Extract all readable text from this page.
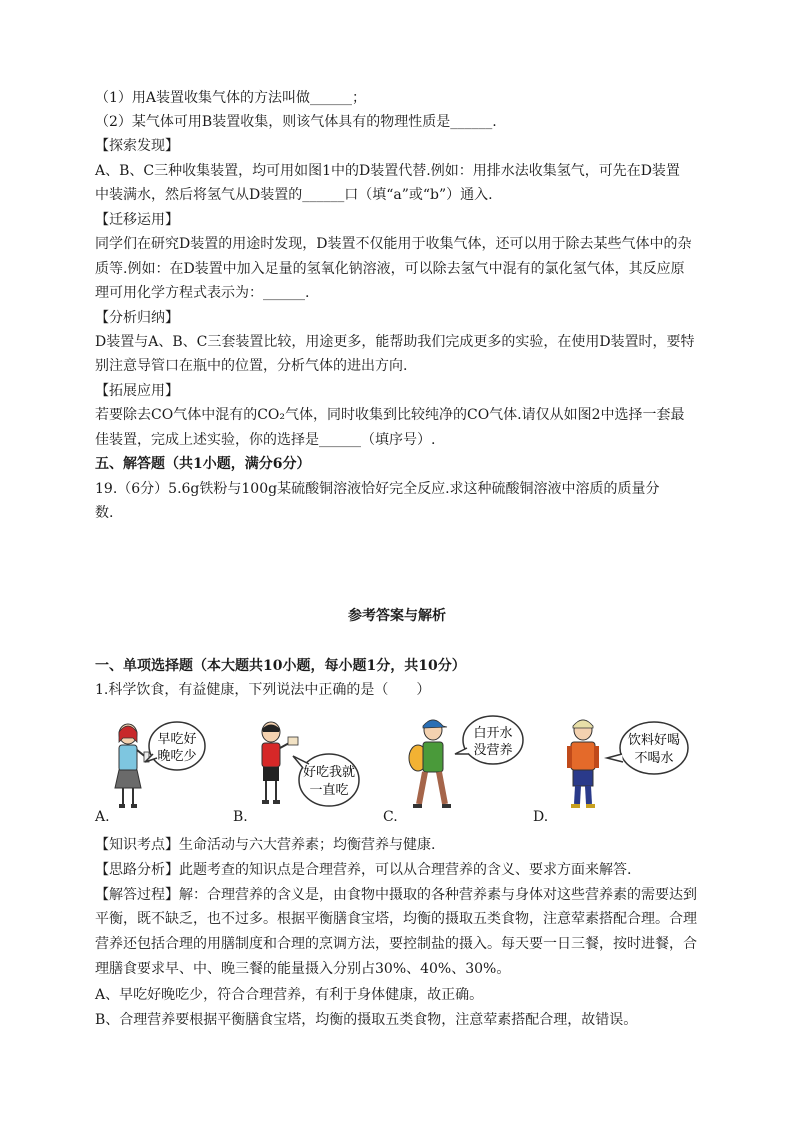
（1）用A装置收集气体的方法叫做______；
（2）某气体可用B装置收集，则该气体具有的物理性质是______.
【探索发现】
A、B、C三种收集装置，均可用如图1中的D装置代替.例如：用排水法收集氢气，可先在D装置
中装满水，然后将氢气从D装置的______口（填“a”或“b”）通入.
【迁移运用】
同学们在研究D装置的用途时发现，D装置不仅能用于收集气体，还可以用于除去某些气体中的杂
质等.例如：在D装置中加入足量的氢氧化钠溶液，可以除去氢气中混有的氯化氢气体，其反应原
理可用化学方程式表示为：______.
【分析归纳】
D装置与A、B、C三套装置比较，用途更多，能帮助我们完成更多的实验，在使用D装置时，要特
别注意导管口在瓶中的位置，分析气体的进出方向.
【拓展应用】
若要除去CO气体中混有的CO₂气体，同时收集到比较纯净的CO气体.请仅从如图2中选择一套最
佳装置，完成上述实验，你的选择是______（填序号）.
五、解答题（共1小题，满分6分）
19.（6分）5.6g铁粉与100g某硫酸铜溶液恰好完全反应.求这种硫酸铜溶液中溶质的质量分
数.
参考答案与解析
一、单项选择题（本大题共10小题，每小题1分，共10分）
1.科学饮食，有益健康，下列说法中正确的是（　　）
早吃好
晚吃少
A.
好吃我就
一直吃
B.
白开水
没营养
C.
饮料好喝
不喝水
D.
【知识考点】生命活动与六大营养素；均衡营养与健康.
【思路分析】此题考查的知识点是合理营养，可以从合理营养的含义、要求方面来解答.
【解答过程】解：合理营养的含义是，由食物中摄取的各种营养素与身体对这些营养素的需要达到
平衡，既不缺乏，也不过多。根据平衡膳食宝塔，均衡的摄取五类食物，注意荤素搭配合理。合理
营养还包括合理的用膳制度和合理的烹调方法，要控制盐的摄入。每天要一日三餐，按时进餐，合
理膳食要求早、中、晚三餐的能量摄入分别占30%、40%、30%。
A、早吃好晚吃少，符合合理营养，有利于身体健康，故正确。
B、合理营养要根据平衡膳食宝塔，均衡的摄取五类食物，注意荤素搭配合理，故错误。
